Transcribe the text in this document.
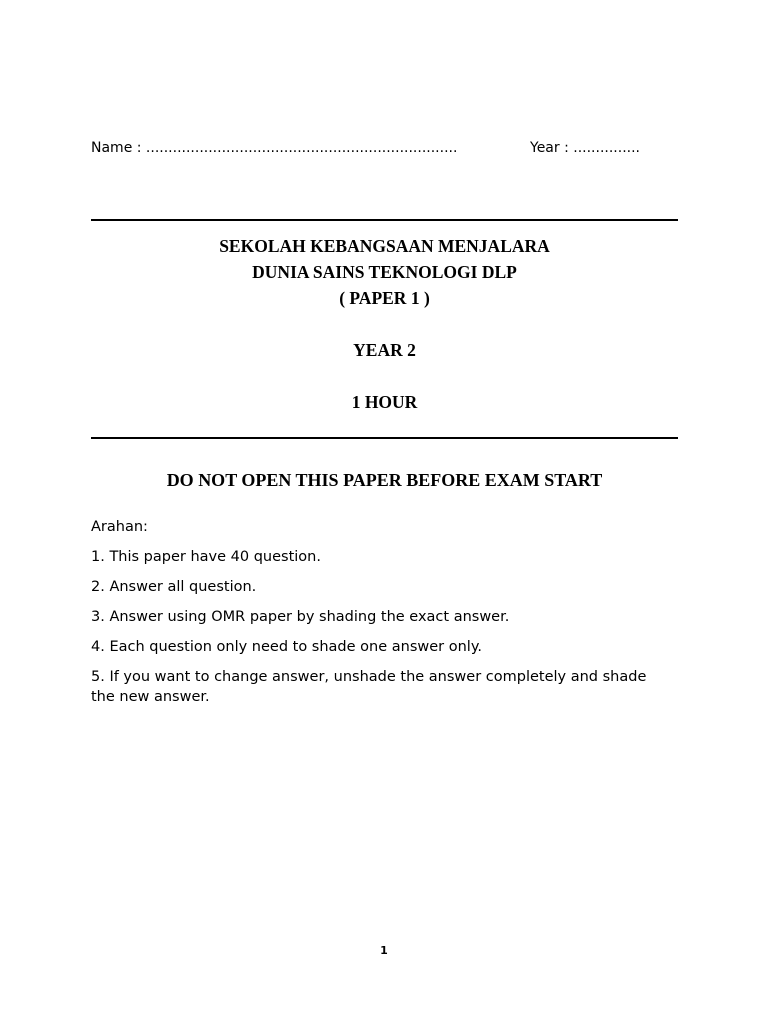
Name : ......................................................................	Year : ...............
SEKOLAH KEBANGSAAN MENJALARA
DUNIA SAINS TEKNOLOGI DLP
( PAPER 1 )
YEAR 2
1 HOUR
DO NOT OPEN THIS PAPER BEFORE EXAM START

Arahan:

1. This paper have 40 question.

2. Answer all question.

3. Answer using OMR paper by shading the exact answer.

4. Each question only need to shade one answer only.

5. If you want to change answer, unshade the answer completely and shade the new answer.

1
